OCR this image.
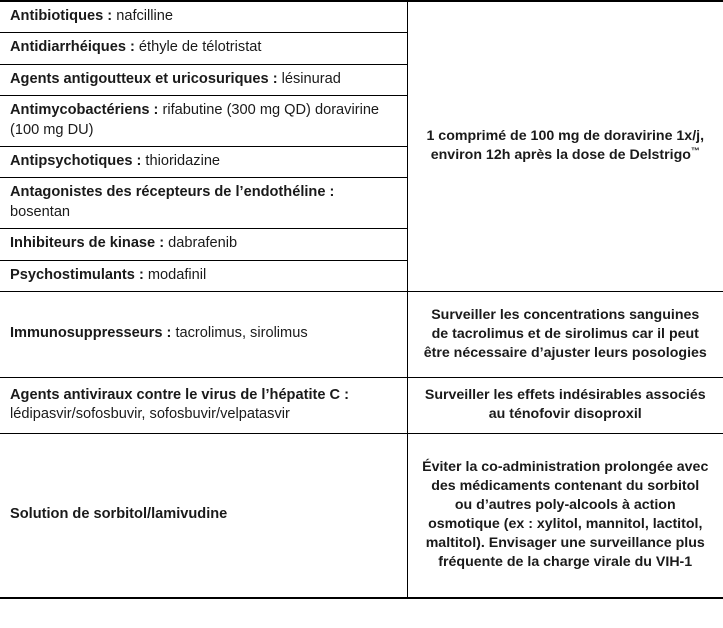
Antibiotiques : nafcilline	1 comprimé de 100 mg de doravirine 1x/j, environ 12h après la dose de Delstrigo™

Antidiarrhéiques : éthyle de télotristat	

Agents antigoutteux et uricosuriques : lésinurad	

Antimycobactériens : rifabutine (300 mg QD) doravirine (100 mg DU)	

Antipsychotiques : thioridazine	

Antagonistes des récepteurs de l’endothéline : bosentan	

Inhibiteurs de kinase : dabrafenib	

Psychostimulants : modafinil	

Immunosuppresseurs : tacrolimus, sirolimus	Surveiller les concentrations sanguines de tacrolimus et de sirolimus car il peut être nécessaire d’ajuster leurs posologies

Agents antiviraux contre le virus de l’hépatite C : lédipasvir/sofosbuvir, sofosbuvir/velpatasvir	Surveiller les effets indésirables associés au ténofovir disoproxil

Solution de sorbitol/lamivudine	Éviter la co-administration prolongée avec des médicaments contenant du sorbitol ou d’autres poly-alcools à action osmotique (ex : xylitol, mannitol, lactitol, maltitol). Envisager une surveillance plus fréquente de la charge virale du VIH-1
